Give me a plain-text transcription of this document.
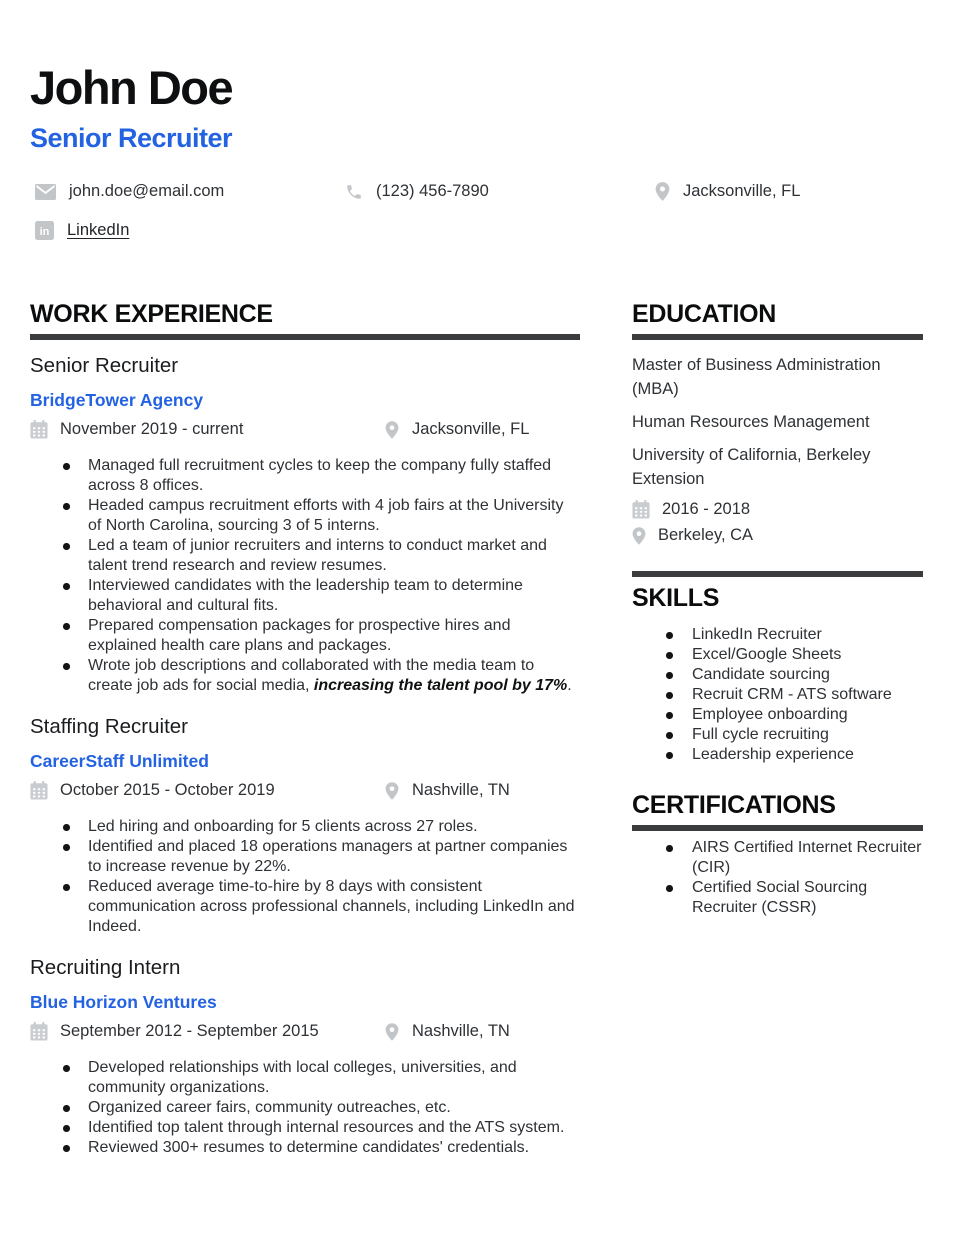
John Doe
Senior Recruiter
john.doe@email.com	(123) 456-7890	Jacksonville, FL
in LinkedIn
WORK EXPERIENCE
Senior Recruiter
BridgeTower Agency
November 2019 - current	Jacksonville, FL
Managed full recruitment cycles to keep the company fully staffed across 8 offices.
Headed campus recruitment efforts with 4 job fairs at the University of North Carolina, sourcing 3 of 5 interns.
Led a team of junior recruiters and interns to conduct market and talent trend research and review resumes.
Interviewed candidates with the leadership team to determine behavioral and cultural fits.
Prepared compensation packages for prospective hires and explained health care plans and packages.
Wrote job descriptions and collaborated with the media team to create job ads for social media, increasing the talent pool by 17%.
Staffing Recruiter
CareerStaff Unlimited
October 2015 - October 2019	Nashville, TN
Led hiring and onboarding for 5 clients across 27 roles.
Identified and placed 18 operations managers at partner companies to increase revenue by 22%.
Reduced average time-to-hire by 8 days with consistent communication across professional channels, including LinkedIn and Indeed.
Recruiting Intern
Blue Horizon Ventures
September 2012 - September 2015	Nashville, TN
Developed relationships with local colleges, universities, and community organizations.
Organized career fairs, community outreaches, etc.
Identified top talent through internal resources and the ATS system.
Reviewed 300+ resumes to determine candidates' credentials.
EDUCATION

Master of Business Administration (MBA)

Human Resources Management

University of California, Berkeley Extension

2016 - 2018
Berkeley, CA
SKILLS
LinkedIn Recruiter
Excel/Google Sheets
Candidate sourcing
Recruit CRM - ATS software
Employee onboarding
Full cycle recruiting
Leadership experience
CERTIFICATIONS
AIRS Certified Internet Recruiter (CIR)
Certified Social Sourcing Recruiter (CSSR)
